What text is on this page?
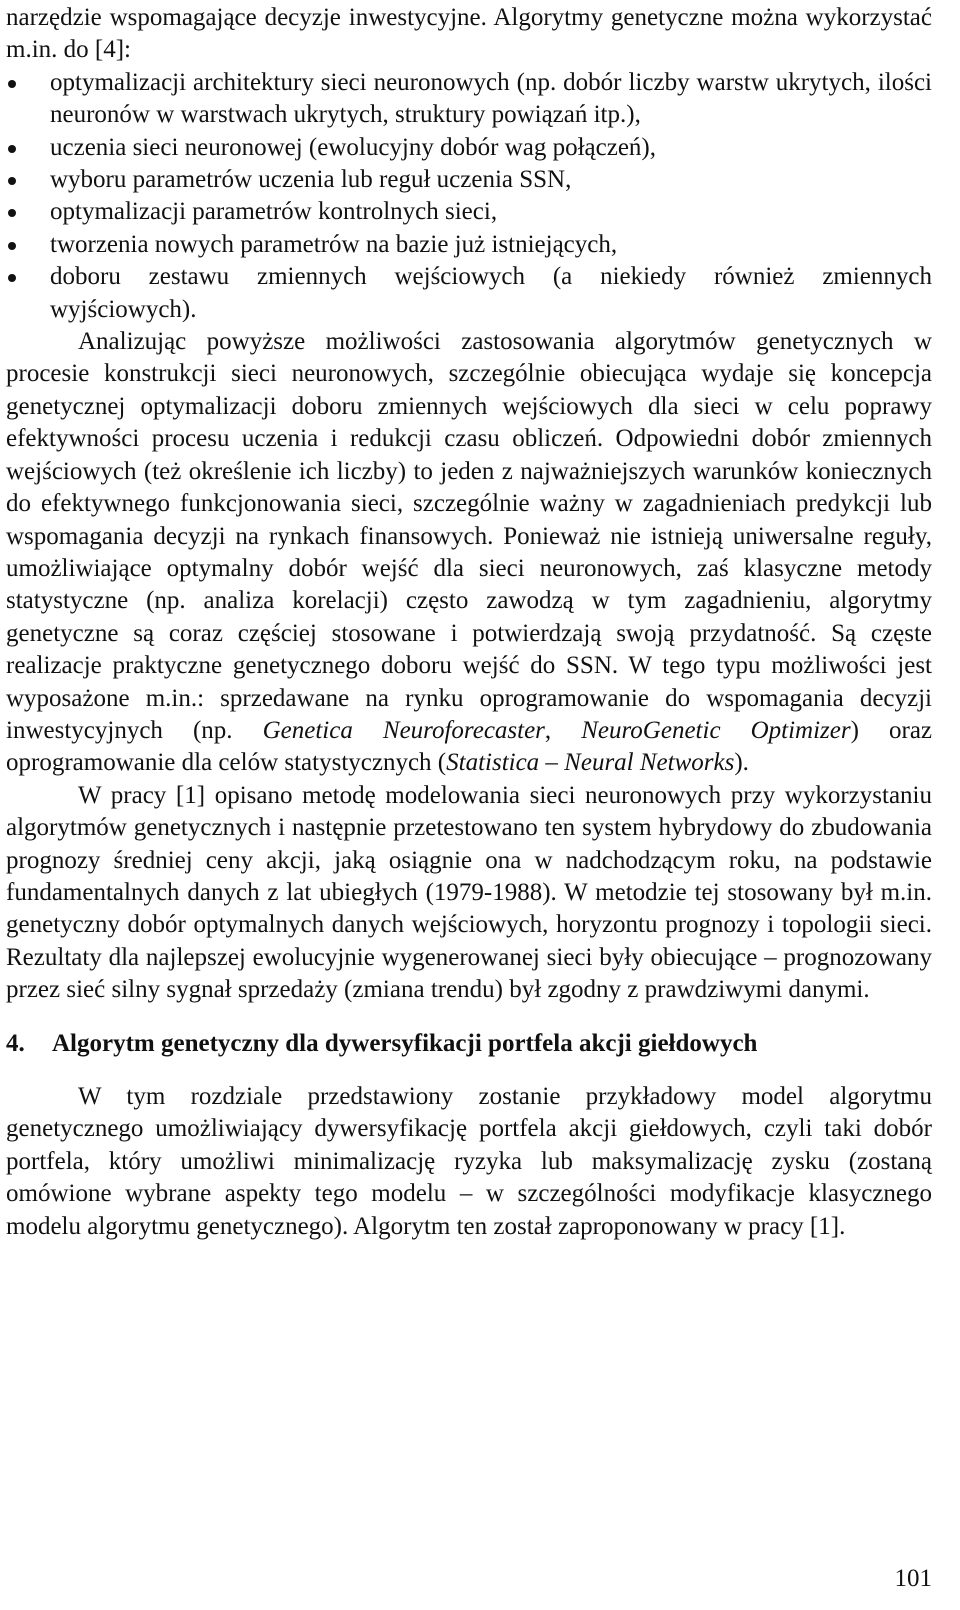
narzędzie wspomagające decyzje inwestycyjne. Algorytmy genetyczne można wykorzystać m.in. do [4]:

optymalizacji architektury sieci neuronowych (np. dobór liczby warstw ukrytych, ilości neuronów w warstwach ukrytych, struktury powiązań itp.),
uczenia sieci neuronowej (ewolucyjny dobór wag połączeń),
wyboru parametrów uczenia lub reguł uczenia SSN,
optymalizacji parametrów kontrolnych sieci,
tworzenia nowych parametrów na bazie już istniejących,
doboru zestawu zmiennych wejściowych (a niekiedy również zmiennych wyjściowych).

Analizując powyższe możliwości zastosowania algorytmów genetycznych w procesie konstrukcji sieci neuronowych, szczególnie obiecująca wydaje się koncepcja genetycznej optymalizacji doboru zmiennych wejściowych dla sieci w celu poprawy efektywności procesu uczenia i redukcji czasu obliczeń. Odpowiedni dobór zmiennych wejściowych (też określenie ich liczby) to jeden z najważniejszych warunków koniecznych do efektywnego funkcjonowania sieci, szczególnie ważny w zagadnieniach predykcji lub wspomagania decyzji na rynkach finansowych. Ponieważ nie istnieją uniwersalne reguły, umożliwiające optymalny dobór wejść dla sieci neuronowych, zaś klasyczne metody statystyczne (np. analiza korelacji) często zawodzą w tym zagadnieniu, algorytmy genetyczne są coraz częściej stosowane i potwierdzają swoją przydatność. Są częste realizacje praktyczne genetycznego doboru wejść do SSN. W tego typu możliwości jest wyposażone m.in.: sprzedawane na rynku oprogramowanie do wspomagania decyzji inwestycyjnych (np. Genetica Neuroforecaster, NeuroGenetic Optimizer) oraz oprogramowanie dla celów statystycznych (Statistica – Neural Networks).

W pracy [1] opisano metodę modelowania sieci neuronowych przy wykorzystaniu algorytmów genetycznych i następnie przetestowano ten system hybrydowy do zbudowania prognozy średniej ceny akcji, jaką osiągnie ona w nadchodzącym roku, na podstawie fundamentalnych danych z lat ubiegłych (1979-1988). W metodzie tej stosowany był m.in. genetyczny dobór optymalnych danych wejściowych, horyzontu prognozy i topologii sieci. Rezultaty dla najlepszej ewolucyjnie wygenerowanej sieci były obiecujące – prognozowany przez sieć silny sygnał sprzedaży (zmiana trendu) był zgodny z prawdziwymi danymi.

4. Algorytm genetyczny dla dywersyfikacji portfela akcji giełdowych

W tym rozdziale przedstawiony zostanie przykładowy model algorytmu genetycznego umożliwiający dywersyfikację portfela akcji giełdowych, czyli taki dobór portfela, który umożliwi minimalizację ryzyka lub maksymalizację zysku (zostaną omówione wybrane aspekty tego modelu – w szczególności modyfikacje klasycznego modelu algorytmu genetycznego). Algorytm ten został zaproponowany w pracy [1].

101
